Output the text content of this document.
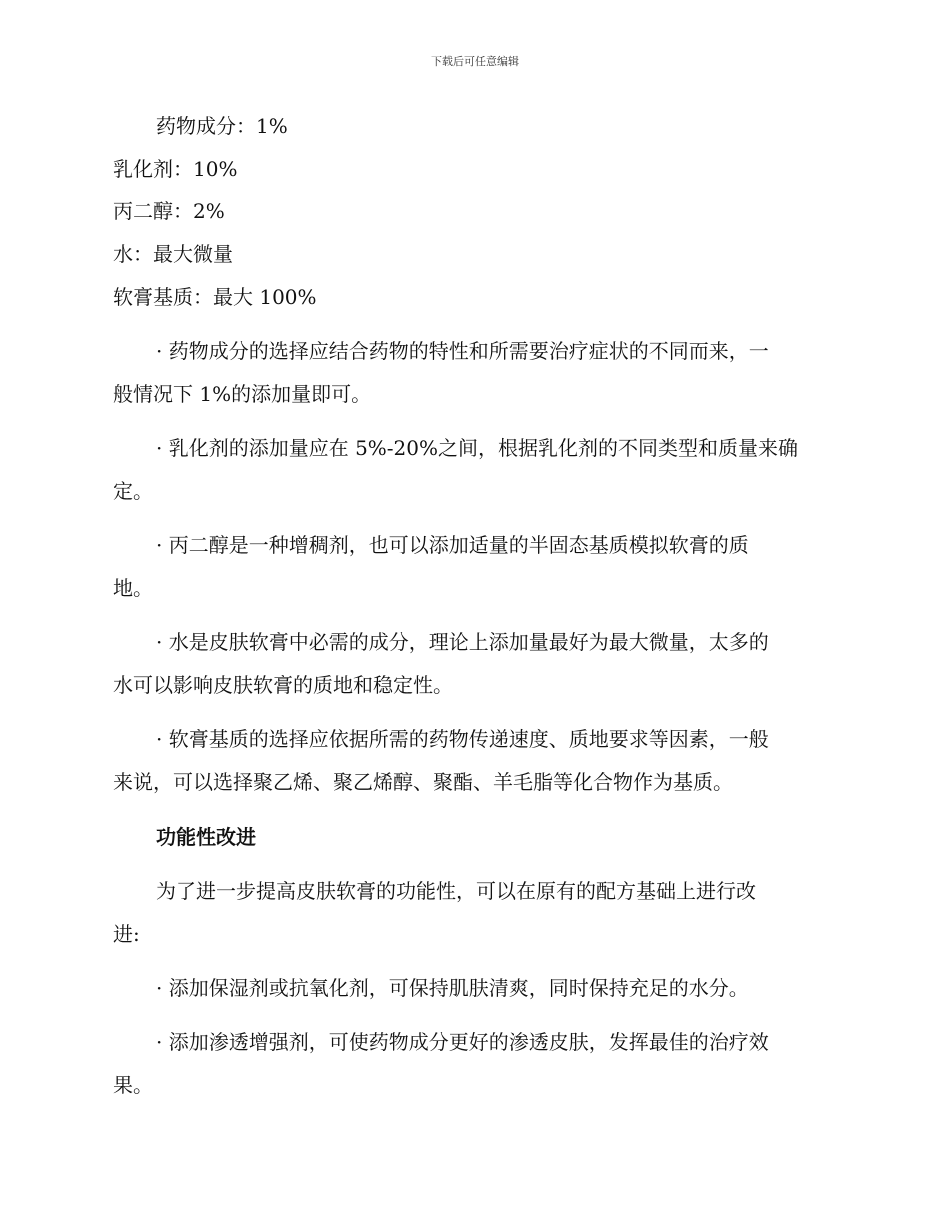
下载后可任意编辑
药物成分：1%
乳化剂：10%
丙二醇：2%
水：最大微量
软膏基质：最大 100%
· 药物成分的选择应结合药物的特性和所需要治疗症状的不同而来，一
般情况下 1%的添加量即可。
· 乳化剂的添加量应在 5%-20%之间，根据乳化剂的不同类型和质量来确
定。
· 丙二醇是一种增稠剂，也可以添加适量的半固态基质模拟软膏的质
地。
· 水是皮肤软膏中必需的成分，理论上添加量最好为最大微量，太多的
水可以影响皮肤软膏的质地和稳定性。
· 软膏基质的选择应依据所需的药物传递速度、质地要求等因素，一般
来说，可以选择聚乙烯、聚乙烯醇、聚酯、羊毛脂等化合物作为基质。
功能性改进
为了进一步提高皮肤软膏的功能性，可以在原有的配方基础上进行改
进:
· 添加保湿剂或抗氧化剂，可保持肌肤清爽，同时保持充足的水分。
· 添加渗透增强剂，可使药物成分更好的渗透皮肤，发挥最佳的治疗效
果。
